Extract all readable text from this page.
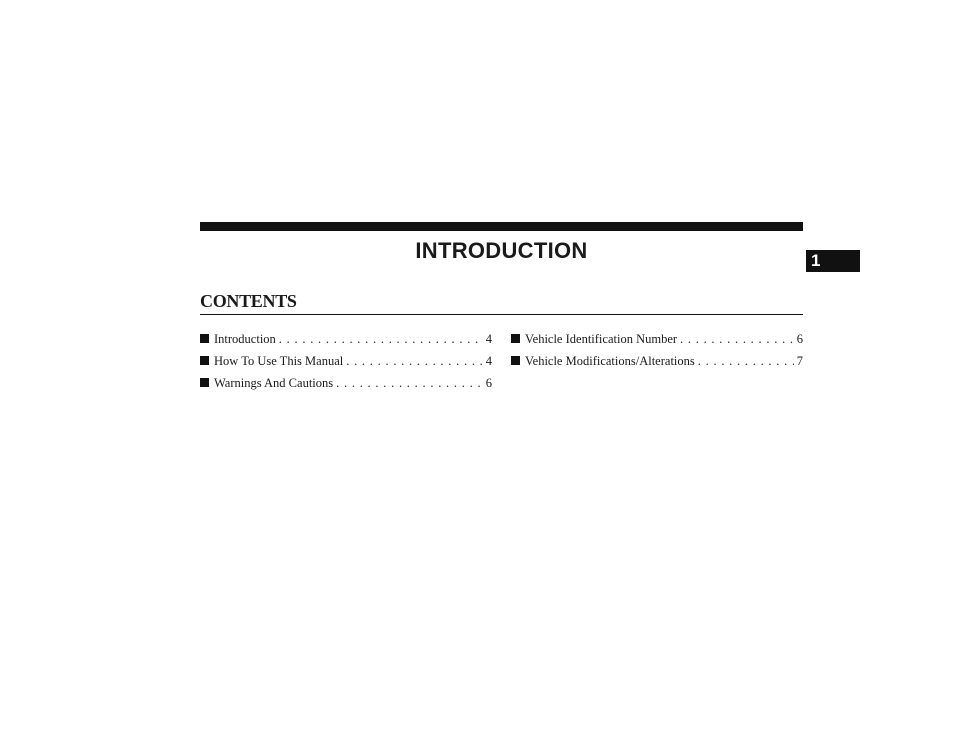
INTRODUCTION	1
CONTENTS
Introduction . . .	4
How To Use This Manual . . .	4
Warnings And Cautions . . .	6
Vehicle Identification Number . . .	6
Vehicle Modifications/Alterations . . .	7
